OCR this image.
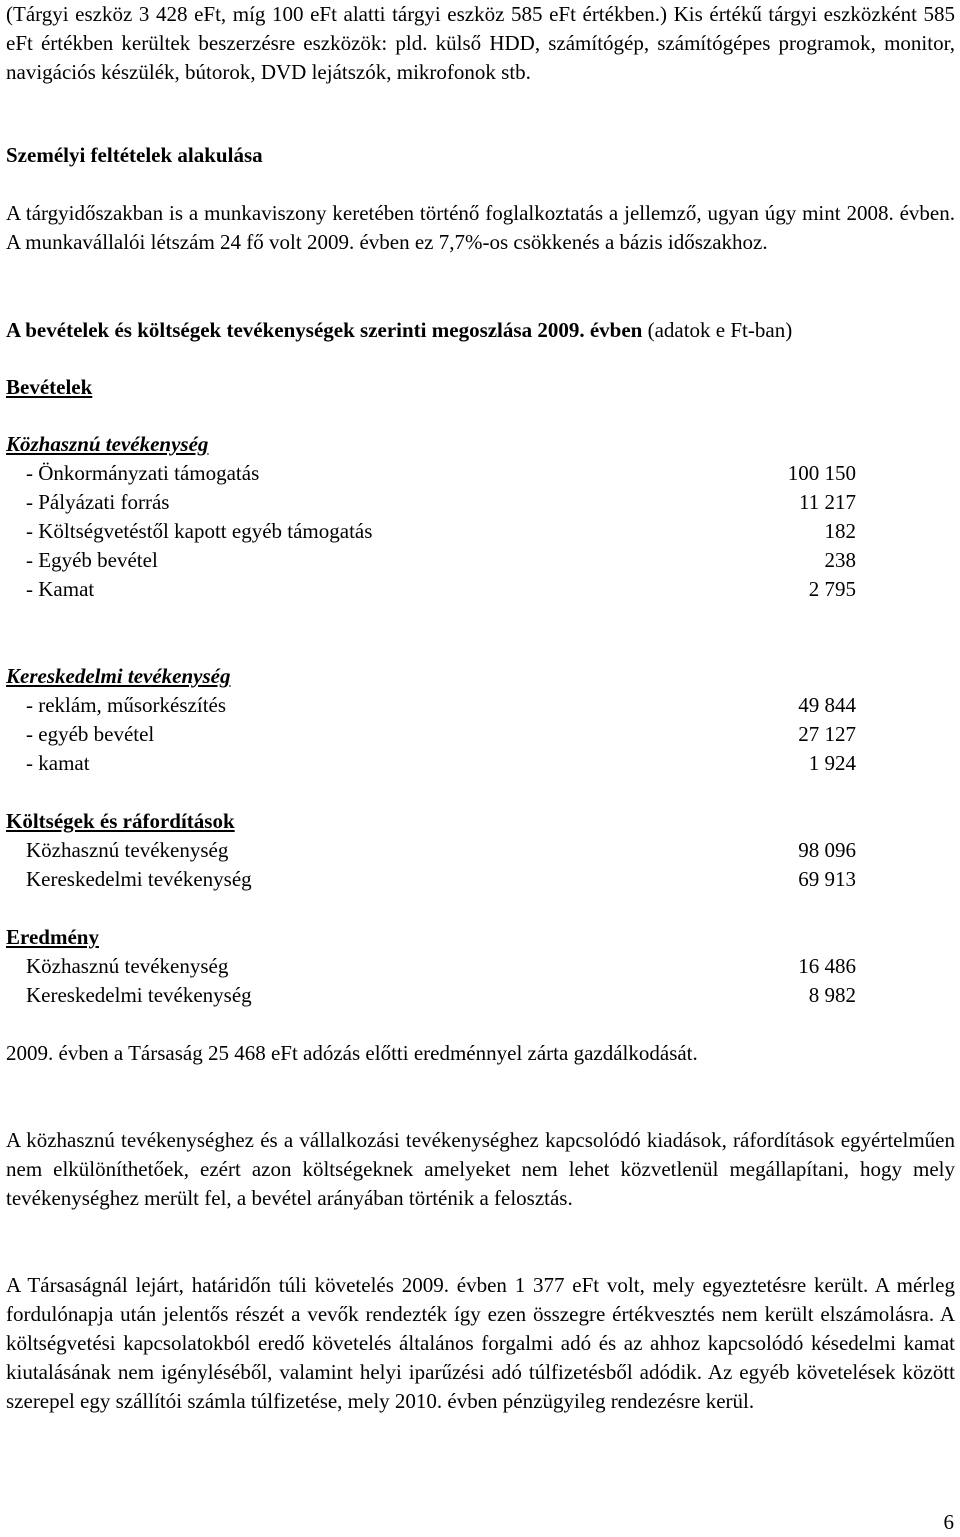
(Tárgyi eszköz 3 428 eFt, míg 100 eFt alatti tárgyi eszköz 585 eFt értékben.) Kis értékű tárgyi eszközként 585 eFt értékben kerültek beszerzésre eszközök: pld. külső HDD, számítógép, számítógépes programok, monitor, navigációs készülék, bútorok, DVD lejátszók, mikrofonok stb.

Személyi feltételek alakulása

A tárgyidőszakban is a munkaviszony keretében történő foglalkoztatás a jellemző, ugyan úgy mint 2008. évben. A munkavállalói létszám 24 fő volt 2009. évben ez 7,7%-os csökkenés a bázis időszakhoz.

A bevételek és költségek tevékenységek szerinti megoszlása 2009. évben (adatok e Ft-ban)

Bevételek

Közhasznú tevékenység

- Önkormányzati támogatás	100 150
- Pályázati forrás	11 217
- Költségvetéstől kapott egyéb támogatás	182
- Egyéb bevétel	238
- Kamat	2 795

Kereskedelmi tevékenység

- reklám, műsorkészítés	49 844
- egyéb bevétel	27 127
- kamat	1 924

Költségek és ráfordítások

Közhasznú tevékenység	98 096
Kereskedelmi tevékenység	69 913

Eredmény

Közhasznú tevékenység	16 486
Kereskedelmi tevékenység	8 982

2009. évben a Társaság 25 468 eFt adózás előtti eredménnyel zárta gazdálkodását.

A közhasznú tevékenységhez és a vállalkozási tevékenységhez kapcsolódó kiadások, ráfordítások egyértelműen nem elkülöníthetőek, ezért azon költségeknek amelyeket nem lehet közvetlenül megállapítani, hogy mely tevékenységhez merült fel, a bevétel arányában történik a felosztás.

A Társaságnál lejárt, határidőn túli követelés 2009. évben 1 377 eFt volt, mely egyeztetésre került. A mérleg fordulónapja után jelentős részét a vevők rendezték így ezen összegre értékvesztés nem került elszámolásra. A költségvetési kapcsolatokból eredő követelés általános forgalmi adó és az ahhoz kapcsolódó késedelmi kamat kiutalásának nem igényléséből, valamint helyi iparűzési adó túlfizetésből adódik. Az egyéb követelések között szerepel egy szállítói számla túlfizetése, mely 2010. évben pénzügyileg rendezésre kerül.

6
